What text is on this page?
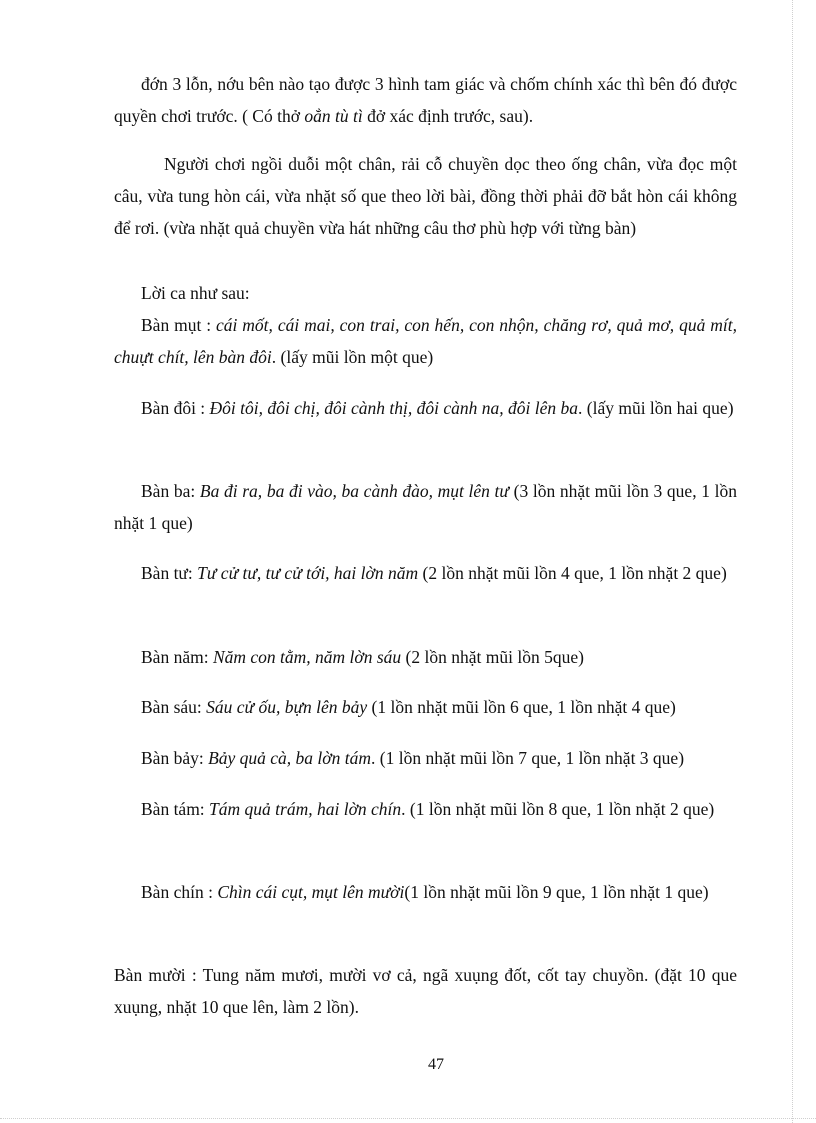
đớn 3 lỗn, nớu bên nào tạo được 3 hình tam giác và chốm chính xác thì bên đó được quyền chơi trước. ( Có thở oẳn tù tì đở xác định trước, sau).

Người chơi ngồi duỗi một chân, rải cỗ chuyền dọc theo ống chân, vừa đọc một câu, vừa tung hòn cái, vừa nhặt số que theo lời bài, đồng thời phải đỡ bắt hòn cái không để rơi. (vừa nhặt quả chuyền vừa hát những câu thơ phù hợp với từng bàn)

Lời ca như sau:

Bàn mụt : cái mốt, cái mai, con trai, con hến, con nhộn, chăng rơ, quả mơ, quả mít, chuựt chít, lên bàn đôi. (lấy mũi lồn một que)

Bàn đôi : Đôi tôi, đôi chị, đôi cành thị, đôi cành na, đôi lên ba. (lấy mũi lồn hai que)

Bàn ba: Ba đi ra, ba đi vào, ba cành đào, mụt lên tư (3 lồn nhặt mũi lồn 3 que, 1 lồn nhặt 1 que)

Bàn tư: Tư cử tư, tư cử tới, hai lờn năm (2 lồn nhặt mũi lồn 4 que, 1 lồn nhặt 2 que)

Bàn năm: Năm con tằm, năm lờn sáu (2 lồn nhặt mũi lồn 5que)

Bàn sáu: Sáu cử ốu, bựn lên bảy (1 lồn nhặt mũi lồn 6 que, 1 lồn nhặt 4 que)

Bàn bảy: Bảy quả cà, ba lờn tám. (1 lồn nhặt mũi lồn 7 que, 1 lồn nhặt 3 que)

Bàn tám: Tám quả trám, hai lờn chín. (1 lồn nhặt mũi lồn 8 que, 1 lồn nhặt 2 que)

Bàn chín : Chìn cái cụt, mụt lên mười(1 lồn nhặt mũi lồn 9 que, 1 lồn nhặt 1 que)

Bàn mười : Tung năm mươi, mười vơ cả, ngã xuụng đốt, cốt tay chuyồn. (đặt 10 que xuụng, nhặt 10 que lên, làm 2 lồn).

47
